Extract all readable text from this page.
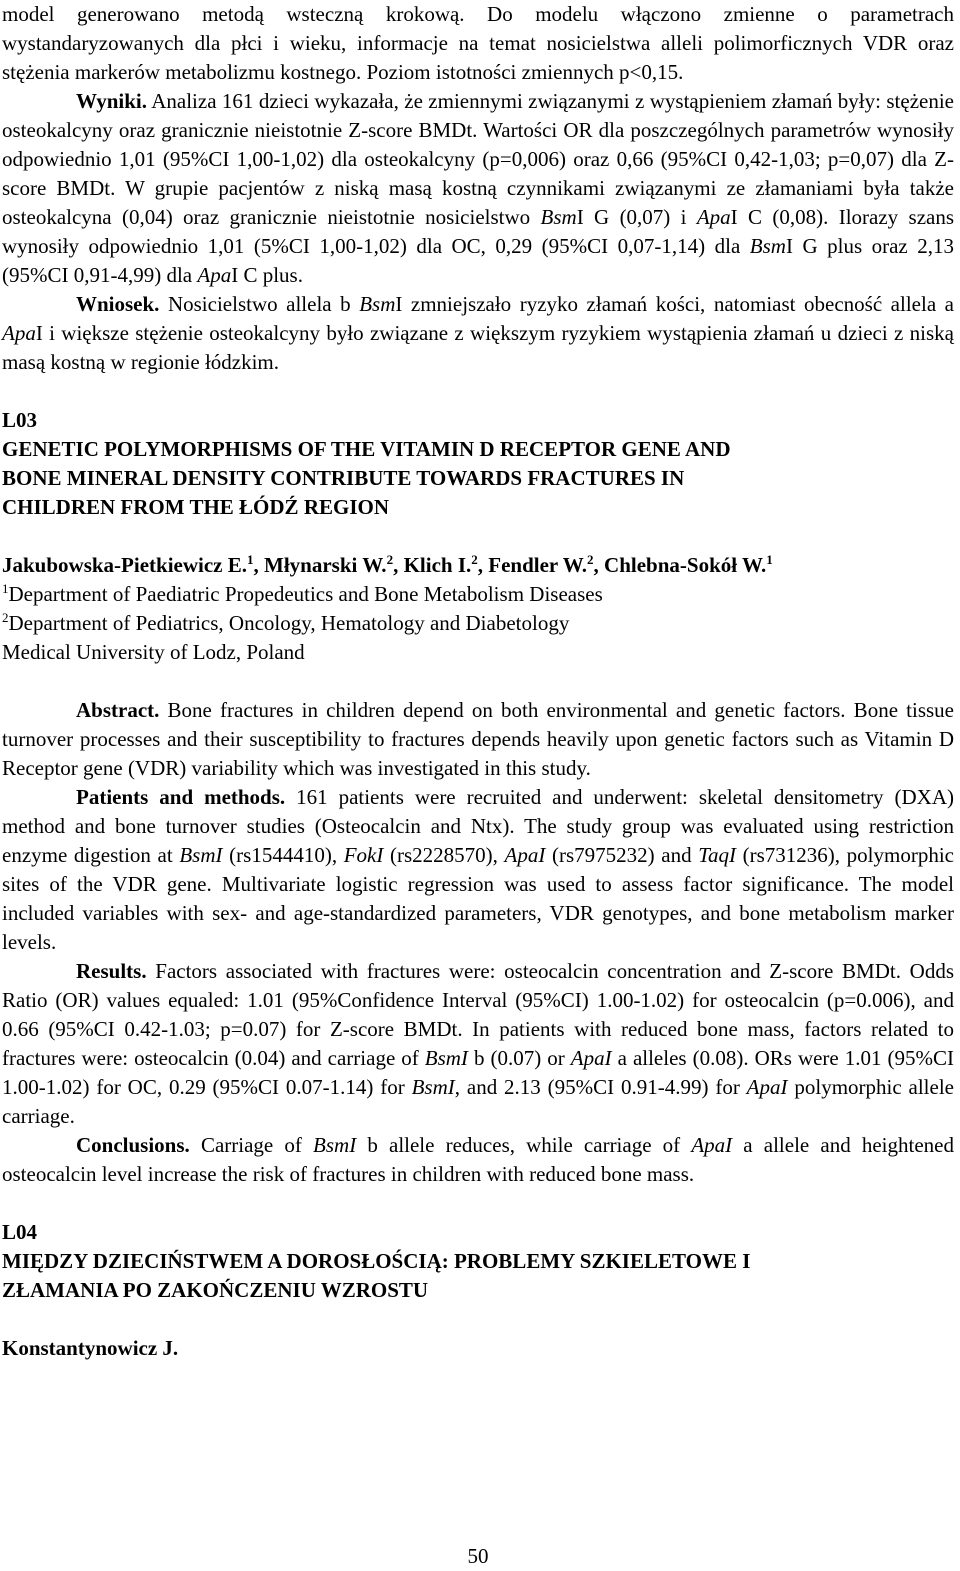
model generowano metodą wsteczną krokową. Do modelu włączono zmienne o parametrach wystandaryzowanych dla płci i wieku, informacje na temat nosicielstwa alleli polimorficznych VDR oraz stężenia markerów metabolizmu kostnego. Poziom istotności zmiennych p<0,15.

Wyniki. Analiza 161 dzieci wykazała, że zmiennymi związanymi z wystąpieniem złamań były: stężenie osteokalcyny oraz granicznie nieistotnie Z-score BMDt. Wartości OR dla poszczególnych parametrów wynosiły odpowiednio 1,01 (95%CI 1,00-1,02) dla osteokalcyny (p=0,006) oraz 0,66 (95%CI 0,42-1,03; p=0,07) dla Z-score BMDt. W grupie pacjentów z niską masą kostną czynnikami związanymi ze złamaniami była także osteokalcyna (0,04) oraz granicznie nieistotnie nosicielstwo BsmI G (0,07) i ApaI C (0,08). Ilorazy szans wynosiły odpowiednio 1,01 (5%CI 1,00-1,02) dla OC, 0,29 (95%CI 0,07-1,14) dla BsmI G plus oraz 2,13 (95%CI 0,91-4,99) dla ApaI C plus.

Wniosek. Nosicielstwo allela b BsmI zmniejszało ryzyko złamań kości, natomiast obecność allela a ApaI i większe stężenie osteokalcyny było związane z większym ryzykiem wystąpienia złamań u dzieci z niską masą kostną w regionie łódzkim.

L03

GENETIC POLYMORPHISMS OF THE VITAMIN D RECEPTOR GENE AND

BONE MINERAL DENSITY CONTRIBUTE TOWARDS FRACTURES IN

CHILDREN FROM THE ŁÓDŹ REGION

Jakubowska-Pietkiewicz E.$^1$, Młynarski W.$^2$, Klich I.$^2$, Fendler W.$^2$, Chlebna-Sokół W.$^1$

$^1$Department of Paediatric Propedeutics and Bone Metabolism Diseases

$^2$Department of Pediatrics, Oncology, Hematology and Diabetology

Medical University of Lodz, Poland

Abstract. Bone fractures in children depend on both environmental and genetic factors. Bone tissue turnover processes and their susceptibility to fractures depends heavily upon genetic factors such as Vitamin D Receptor gene (VDR) variability which was investigated in this study.

Patients and methods. 161 patients were recruited and underwent: skeletal densitometry (DXA) method and bone turnover studies (Osteocalcin and Ntx). The study group was evaluated using restriction enzyme digestion at BsmI (rs1544410), FokI (rs2228570), ApaI (rs7975232) and TaqI (rs731236), polymorphic sites of the VDR gene. Multivariate logistic regression was used to assess factor significance. The model included variables with sex- and age-standardized parameters, VDR genotypes, and bone metabolism marker levels.

Results. Factors associated with fractures were: osteocalcin concentration and Z-score BMDt. Odds Ratio (OR) values equaled: 1.01 (95%Confidence Interval (95%CI) 1.00-1.02) for osteocalcin (p=0.006), and 0.66 (95%CI 0.42-1.03; p=0.07) for Z-score BMDt. In patients with reduced bone mass, factors related to fractures were: osteocalcin (0.04) and carriage of BsmI b (0.07) or ApaI a alleles (0.08). ORs were 1.01 (95%CI 1.00-1.02) for OC, 0.29 (95%CI 0.07-1.14) for BsmI, and 2.13 (95%CI 0.91-4.99) for ApaI polymorphic allele carriage.

Conclusions. Carriage of BsmI b allele reduces, while carriage of ApaI a allele and heightened osteocalcin level increase the risk of fractures in children with reduced bone mass.

L04

MIĘDZY DZIECIŃSTWEM A DOROSŁOŚCIĄ: PROBLEMY SZKIELETOWE I

ZŁAMANIA PO ZAKOŃCZENIU WZROSTU

Konstantynowicz J.

50
